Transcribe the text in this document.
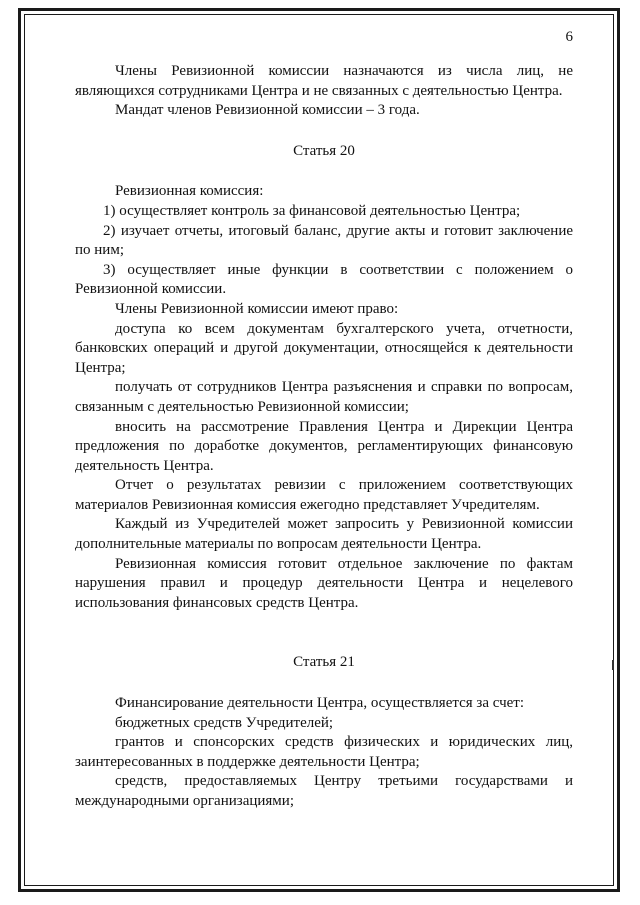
6

Члены Ревизионной комиссии назначаются из числа лиц, не являющихся сотрудниками Центра и не связанных с деятельностью Центра.

Мандат членов Ревизионной комиссии – 3 года.

Статья 20

Ревизионная комиссия:

1) осуществляет контроль за финансовой деятельностью Центра;

2) изучает отчеты, итоговый баланс, другие акты и готовит заключение по ним;

3) осуществляет иные функции в соответствии с положением о Ревизионной комиссии.

Члены Ревизионной комиссии имеют право:

доступа ко всем документам бухгалтерского учета, отчетности, банковских операций и другой документации, относящейся к деятельности Центра;

получать от сотрудников Центра разъяснения и справки по вопросам, связанным с деятельностью Ревизионной комиссии;

вносить на рассмотрение Правления Центра и Дирекции Центра предложения по доработке документов, регламентирующих финансовую деятельность Центра.

Отчет о результатах ревизии с приложением соответствующих материалов Ревизионная комиссия ежегодно представляет Учредителям.

Каждый из Учредителей может запросить у Ревизионной комиссии дополнительные материалы по вопросам деятельности Центра.

Ревизионная комиссия готовит отдельное заключение по фактам нарушения правил и процедур деятельности Центра и нецелевого использования финансовых средств Центра.

Статья 21

Финансирование деятельности Центра, осуществляется за счет:

бюджетных средств Учредителей;

грантов и спонсорских средств физических и юридических лиц, заинтересованных в поддержке деятельности Центра;

средств, предоставляемых Центру третьими государствами и международными организациями;
